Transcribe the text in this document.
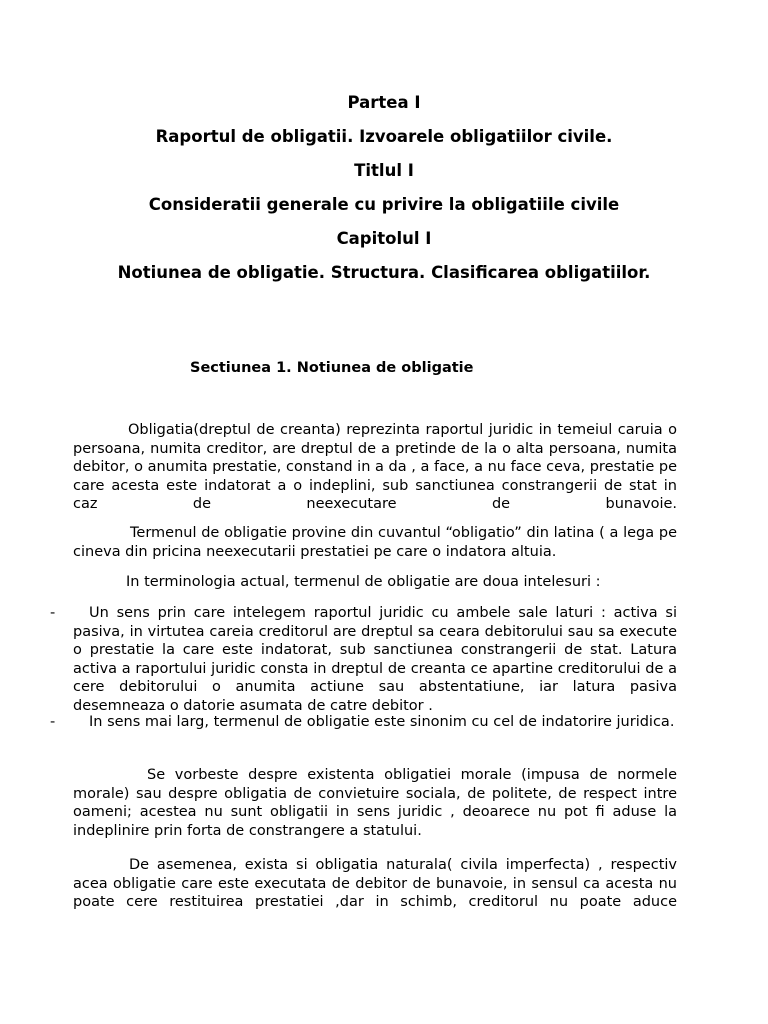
Partea I

Raportul de obligatii. Izvoarele obligatiilor civile.

Titlul I

Consideratii generale cu privire la obligatiile civile

Capitolul I

Notiunea de obligatie. Structura. Clasificarea obligatiilor.

Sectiunea 1. Notiunea de obligatie

Obligatia(dreptul de creanta) reprezinta raportul juridic in temeiul caruia o persoana, numita creditor, are dreptul de a pretinde de la o alta persoana, numita debitor, o anumita prestatie, constand in a da , a face, a nu face ceva, prestatie pe care acesta este indatorat a o indeplini, sub sanctiunea constrangerii de stat in caz de neexecutare de bunavoie.

Termenul de obligatie provine din cuvantul “obligatio” din latina ( a lega pe cineva din pricina neexecutarii prestatiei pe care o indatora altuia.

In terminologia actual, termenul de obligatie are doua intelesuri :

-	Un sens prin care intelegem raportul juridic cu ambele sale laturi : activa si pasiva, in virtutea careia creditorul are dreptul sa ceara debitorului sau sa execute o prestatie la care este indatorat, sub sanctiunea constrangerii de stat. Latura activa a raportului juridic consta in dreptul de creanta ce apartine creditorului de a cere debitorului o anumita actiune sau abstentatiune, iar latura pasiva desemneaza o datorie asumata de catre debitor .

-	In sens mai larg, termenul de obligatie este sinonim cu cel de indatorire juridica.

Se vorbeste despre existenta obligatiei morale (impusa de normele morale) sau despre obligatia de convietuire sociala, de politete, de respect intre oameni; acestea nu sunt obligatii in sens juridic , deoarece nu pot fi aduse la indeplinire prin forta de constrangere a statului.

De asemenea, exista si obligatia naturala( civila imperfecta) , respectiv acea obligatie care este executata de debitor de bunavoie, in sensul ca acesta nu poate cere restituirea prestatiei ,dar in schimb, creditorul nu poate aduce
